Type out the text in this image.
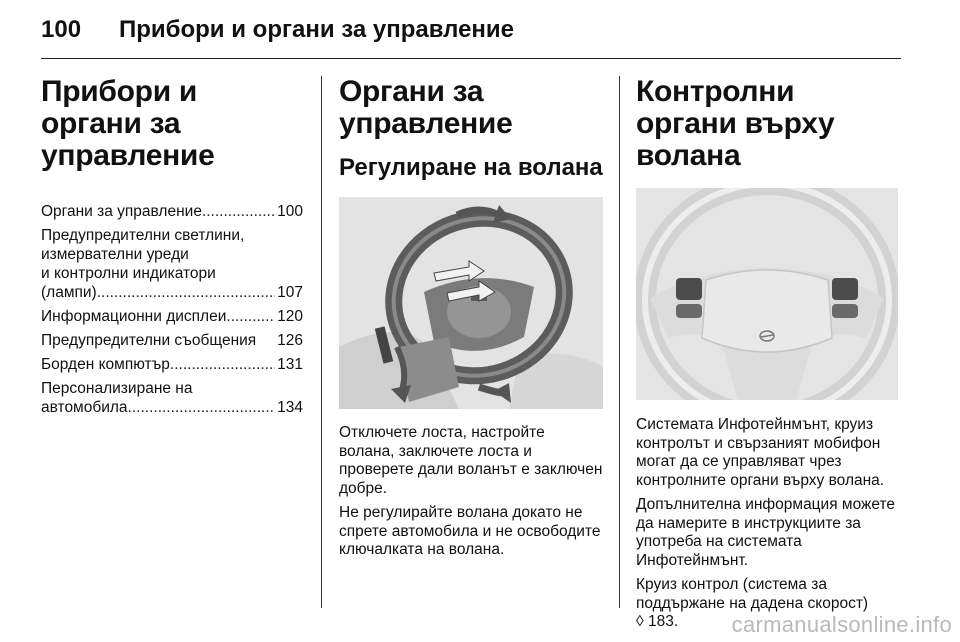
100 Прибори и органи за управление
Прибори и органи за управление
Органи за управление .....	100
Предупредителни светлини,
измервателни уреди
и контролни индикатори
(лампи) .....	107
Информационни дисплеи .....	120
Предупредителни съобщения 126
Борден компютър .....	131
Персонализиране на
автомобила .....	134
Органи за управление
Регулиране на волана

Отключете лоста, настройте волана, заключете лоста и проверете дали воланът е заключен добре.

Не регулирайте волана докато не спрете автомобила и не освободите ключалката на волана.

Контролни органи върху волана

Системата Инфотейнмънт, круиз контролът и свързаният мобифон могат да се управляват чрез контролните органи върху волана.

Допълнителна информация можете да намерите в инструкциите за употреба на системата Инфотейнмънт.

Круиз контрол (система за поддържане на дадена скорост)
◊ 183.	carmanualsonline.info
